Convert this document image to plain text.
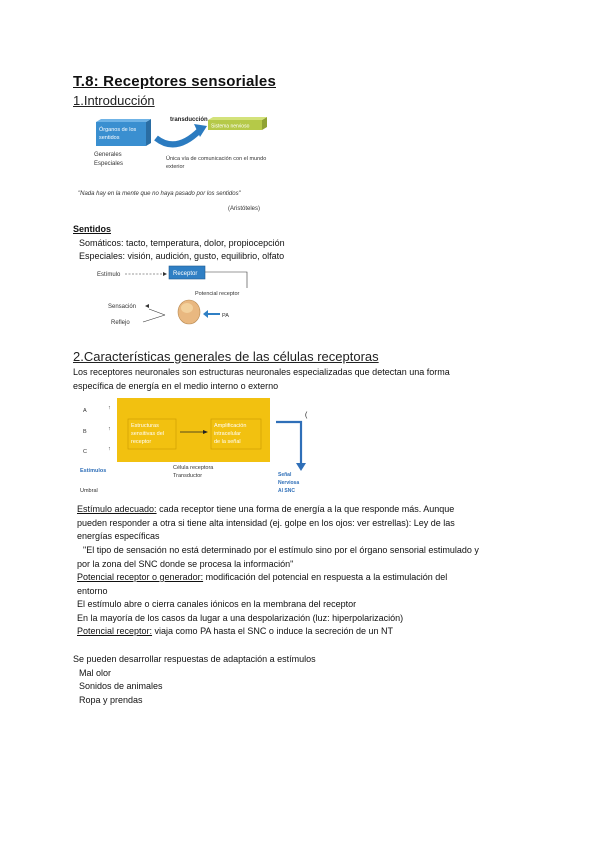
T.8: Receptores sensoriales
1.Introducción
transducción
Órganos de los
sentidos
Sistema nervioso
Generales
Especiales
Única vía de comunicación con el mundo
exterior
"Nada hay en la mente que no haya pasado por los sentidos"
(Aristóteles)
Sentidos
Somáticos: tacto, temperatura, dolor, propiocepción
Especiales: visión, audición, gusto, equilibrio, olfato
Estímulo	Receptor
Potencial receptor
Sensación
Reflejo
PA
2.Características generales de las células receptoras
Los receptores neuronales son estructuras neuronales especializadas que detectan una forma
específica de energía en el medio interno o externo
A
B
C
↑
↑
↑
Estructuras
sensitivas del
receptor
Amplificación
intracelular
de la señal
(
Estímulos	Célula receptora
Transductor
Umbral
Señal
Nerviosa
Al SNC
Estímulo adecuado: cada receptor tiene una forma de energía a la que responde más. Aunque
pueden responder a otra si tiene alta intensidad (ej. golpe en los ojos: ver estrellas): Ley de las
energías específicas
"El tipo de sensación no está determinado por el estímulo sino por el órgano sensorial estimulado y
por la zona del SNC donde se procesa la información"
Potencial receptor o generador: modificación del potencial en respuesta a la estimulación del
entorno
El estímulo abre o cierra canales iónicos en la membrana del receptor
En la mayoría de los casos da lugar a una despolarización (luz: hiperpolarización)
Potencial receptor: viaja como PA hasta el SNC o induce la secreción de un NT
Se pueden desarrollar respuestas de adaptación a estímulos
Mal olor
Sonidos de animales
Ropa y prendas
